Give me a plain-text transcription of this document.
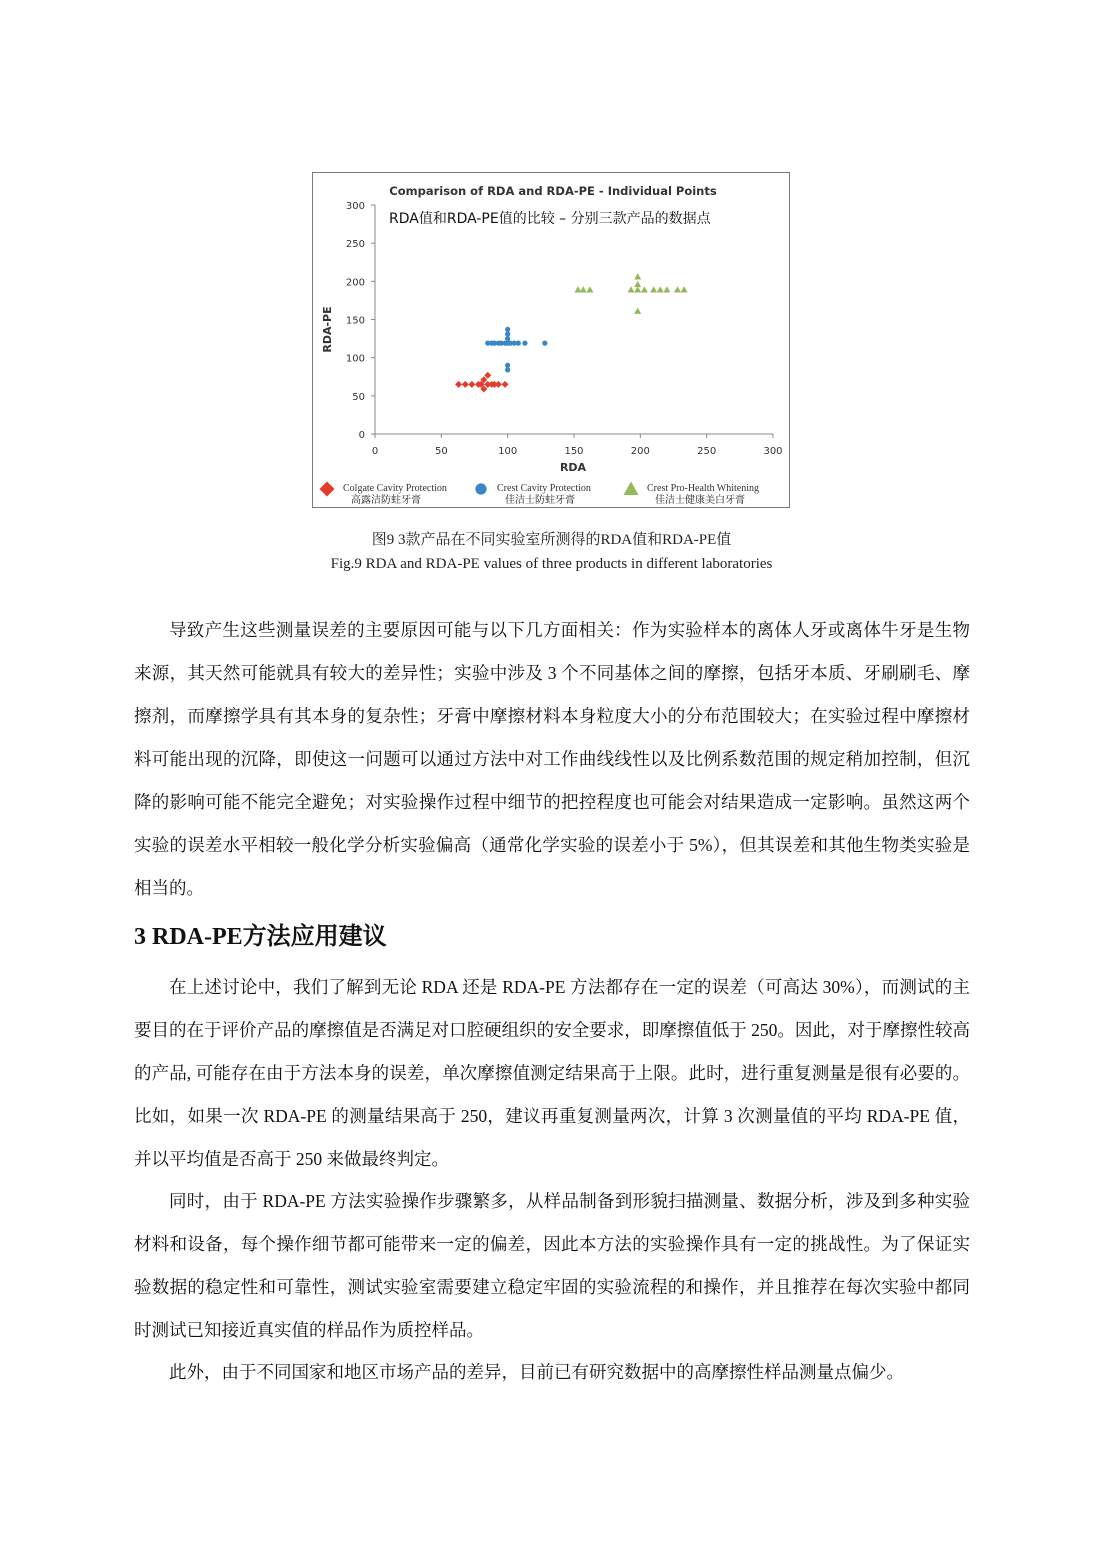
Comparison of RDA and RDA-PE - Individual Points
RDA值和RDA-PE值的比较 – 分别三款产品的数据点
0	50	100	150	200	250	300
0
50
100
150
200
250
300
RDA
RDA-PE
Colgate Cavity Protection
高露洁防蛀牙膏
Crest Cavity Protection
佳洁士防蛀牙膏
Crest Pro-Health Whitening
佳洁士健康美白牙膏
图9 3款产品在不同实验室所测得的RDA值和RDA-PE值
Fig.9 RDA and RDA-PE values of three products in different laboratories

导致产生这些测量误差的主要原因可能与以下几方面相关：作为实验样本的离体人牙或离体牛牙是生物来源，其天然可能就具有较大的差异性；实验中涉及 3 个不同基体之间的摩擦，包括牙本质、牙刷刷毛、摩擦剂，而摩擦学具有其本身的复杂性；牙膏中摩擦材料本身粒度大小的分布范围较大；在实验过程中摩擦材料可能出现的沉降，即使这一问题可以通过方法中对工作曲线线性以及比例系数范围的规定稍加控制，但沉降的影响可能不能完全避免；对实验操作过程中细节的把控程度也可能会对结果造成一定影响。虽然这两个实验的误差水平相较一般化学分析实验偏高（通常化学实验的误差小于 5%），但其误差和其他生物类实验是相当的。

3 RDA-PE方法应用建议

在上述讨论中，我们了解到无论 RDA 还是 RDA-PE 方法都存在一定的误差（可高达 30%），而测试的主要目的在于评价产品的摩擦值是否满足对口腔硬组织的安全要求，即摩擦值低于 250。因此，对于摩擦性较高的产品, 可能存在由于方法本身的误差，单次摩擦值测定结果高于上限。此时，进行重复测量是很有必要的。比如，如果一次 RDA-PE 的测量结果高于 250，建议再重复测量两次，计算 3 次测量值的平均 RDA-PE 值，并以平均值是否高于 250 来做最终判定。

同时，由于 RDA-PE 方法实验操作步骤繁多，从样品制备到形貌扫描测量、数据分析，涉及到多种实验材料和设备，每个操作细节都可能带来一定的偏差，因此本方法的实验操作具有一定的挑战性。为了保证实验数据的稳定性和可靠性，测试实验室需要建立稳定牢固的实验流程的和操作，并且推荐在每次实验中都同时测试已知接近真实值的样品作为质控样品。

此外，由于不同国家和地区市场产品的差异，目前已有研究数据中的高摩擦性样品测量点偏少。
